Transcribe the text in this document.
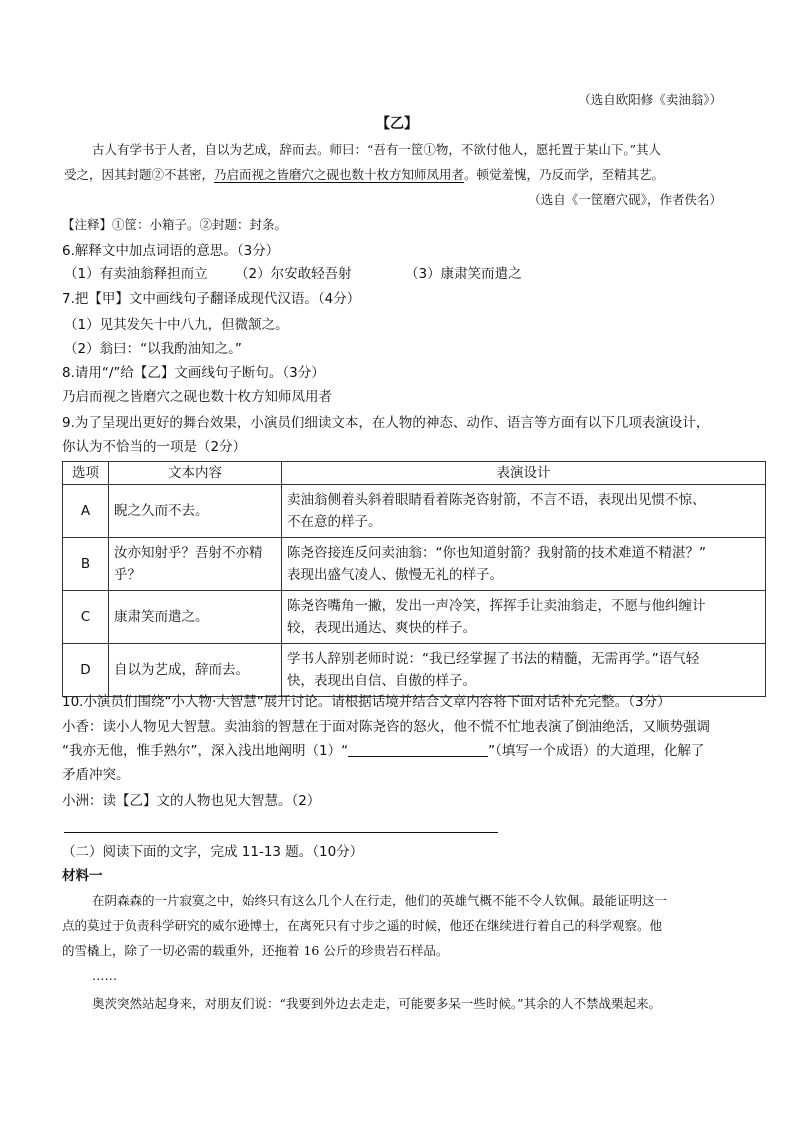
（选自欧阳修《卖油翁》）
【乙】
古人有学书于人者，自以为艺成，辞而去。师曰：“吾有一筐①物，不欲付他人，愿托置于某山下。”其人
受之，因其封题②不甚密，乃启而视之皆磨穴之砚也数十枚方知师凤用者。顿觉羞愧，乃反而学，至精其艺。
（选自《一筐磨穴砚》，作者佚名）
【注释】①筐：小箱子。②封题：封条。
6.解释文中加点词语的意思。（3分）
（1）有卖油翁释担而立 （2）尔安敢轻吾射	（3）康肃笑而遣之
7.把【甲】文中画线句子翻译成现代汉语。（4分）
（1）见其发矢十中八九，但微颔之。
（2）翁曰：“以我酌油知之。”
8.请用“/”给【乙】文画线句子断句。（3分）
乃启而视之皆磨穴之砚也数十枚方知师凤用者
9.为了呈现出更好的舞台效果，小演员们细读文本，在人物的神态、动作、语言等方面有以下几项表演设计，
你认为不恰当的一项是（2分）
选项	文本内容	表演设计
A	睨之久而不去。	卖油翁侧着头斜着眼睛看着陈尧咨射箭，不言不语，表现出见惯不惊、
不在意的样子。
B	汝亦知射乎？吾射不亦精
乎？	陈尧咨接连反问卖油翁：“你也知道射箭？我射箭的技术难道不精湛？”
表现出盛气凌人、傲慢无礼的样子。
C	康肃笑而遣之。	陈尧咨嘴角一撇，发出一声冷笑，挥挥手让卖油翁走，不愿与他纠缠计
较，表现出通达、爽快的样子。
D	自以为艺成，辞而去。	学书人辞别老师时说：“我已经掌握了书法的精髓，无需再学。”语气轻
快，表现出自信、自傲的样子。
10.小演员们围绕“小人物·大智慧”展开讨论。请根据话境并结合文章内容将下面对话补充完整。（3分）
小香：读小人物见大智慧。卖油翁的智慧在于面对陈尧咨的怒火，他不慌不忙地表演了倒油绝活，又顺势强调
“我亦无他，惟手熟尔”，深入浅出地阐明（1）“	”（填写一个成语）的大道理，化解了
矛盾冲突。
小洲：读【乙】文的人物也见大智慧。（2）
（二）阅读下面的文字，完成 11-13 题。（10分）
材料一
在阴森森的一片寂寞之中，始终只有这么几个人在行走，他们的英雄气概不能不令人钦佩。最能证明这一
点的莫过于负责科学研究的威尔逊博士，在离死只有寸步之遥的时候，他还在继续进行着自己的科学观察。他
的雪橇上，除了一切必需的载重外，还拖着 16 公斤的珍贵岩石样品。
……
奥茨突然站起身来，对朋友们说：“我要到外边去走走，可能要多呆一些时候。”其余的人不禁战栗起来。
